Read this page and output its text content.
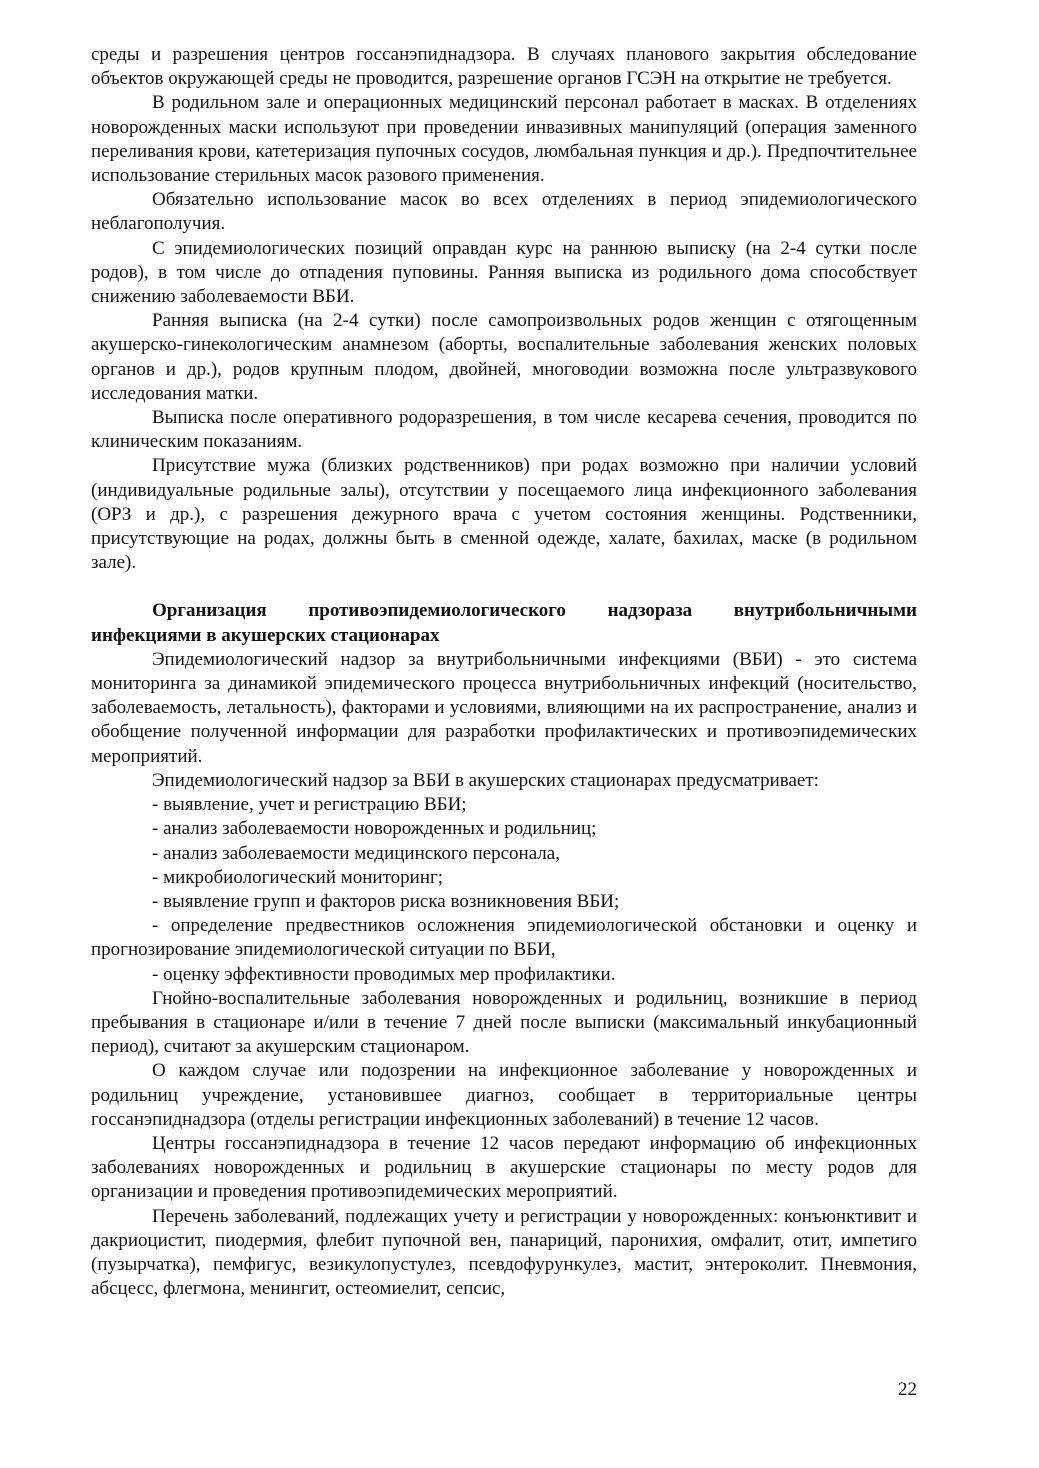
среды и разрешения центров госсанэпиднадзора. В случаях планового закрытия обследование объектов окружающей среды не проводится, разрешение органов ГСЭН на открытие не требуется.

В родильном зале и операционных медицинский персонал работает в масках. В отделениях новорожденных маски используют при проведении инвазивных манипуляций (операция заменного переливания крови, катетеризация пупочных сосудов, люмбальная пункция и др.). Предпочтительнее использование стерильных масок разового применения.

Обязательно использование масок во всех отделениях в период эпидемиологического неблагополучия.

С эпидемиологических позиций оправдан курс на раннюю выписку (на 2-4 сутки после родов), в том числе до отпадения пуповины. Ранняя выписка из родильного дома способствует снижению заболеваемости ВБИ.

Ранняя выписка (на 2-4 сутки) после самопроизвольных родов женщин с отягощенным акушерско-гинекологическим анамнезом (аборты, воспалительные заболевания женских половых органов и др.), родов крупным плодом, двойней, многоводии возможна после ультразвукового исследования матки.

Выписка после оперативного родоразрешения, в том числе кесарева сечения, проводится по клиническим показаниям.

Присутствие мужа (близких родственников) при родах возможно при наличии условий (индивидуальные родильные залы), отсутствии у посещаемого лица инфекционного заболевания (ОРЗ и др.), с разрешения дежурного врача с учетом состояния женщины. Родственники, присутствующие на родах, должны быть в сменной одежде, халате, бахилах, маске (в родильном зале).

Организация противоэпидемиологического надзораза внутрибольничными инфекциями в акушерских стационарах

Эпидемиологический надзор за внутрибольничными инфекциями (ВБИ) - это система мониторинга за динамикой эпидемического процесса внутрибольничных инфекций (носительство, заболеваемость, летальность), факторами и условиями, влияющими на их распространение, анализ и обобщение полученной информации для разработки профилактических и противоэпидемических мероприятий.

Эпидемиологический надзор за ВБИ в акушерских стационарах предусматривает:

- выявление, учет и регистрацию ВБИ;

- анализ заболеваемости новорожденных и родильниц;

- анализ заболеваемости медицинского персонала,

- микробиологический мониторинг;

- выявление групп и факторов риска возникновения ВБИ;

- определение предвестников осложнения эпидемиологической обстановки и оценку и прогнозирование эпидемиологической ситуации по ВБИ,

- оценку эффективности проводимых мер профилактики.

Гнойно-воспалительные заболевания новорожденных и родильниц, возникшие в период пребывания в стационаре и/или в течение 7 дней после выписки (максимальный инкубационный период), считают за акушерским стационаром.

О каждом случае или подозрении на инфекционное заболевание у новорожденных и родильниц учреждение, установившее диагноз, сообщает в территориальные центры госсанэпиднадзора (отделы регистрации инфекционных заболеваний) в течение 12 часов.

Центры госсанэпиднадзора в течение 12 часов передают информацию об инфекционных заболеваниях новорожденных и родильниц в акушерские стационары по месту родов для организации и проведения противоэпидемических мероприятий.

Перечень заболеваний, подлежащих учету и регистрации у новорожденных: конъюнктивит и дакриоцистит, пиодермия, флебит пупочной вен, панариций, паронихия, омфалит, отит, импетиго (пузырчатка), пемфигус, везикулопустулез, псевдофурункулез, мастит, энтероколит. Пневмония, абсцесс, флегмона, менингит, остеомиелит, сепсис,

22
